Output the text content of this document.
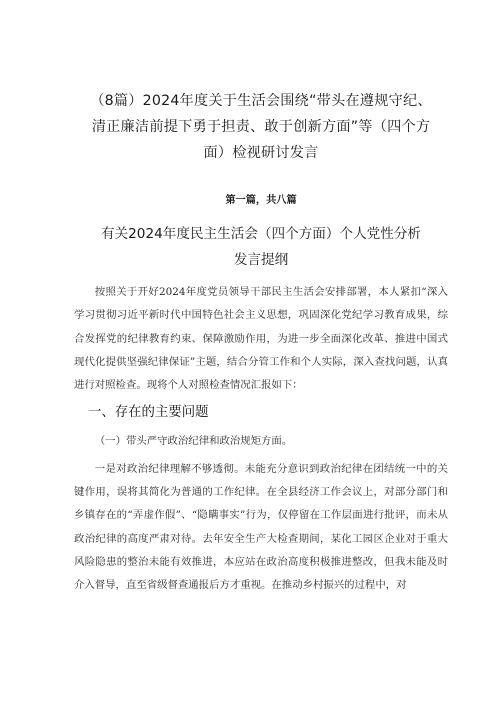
（8篇）2024年度关于生活会围绕“带头在遵规守纪、
清正廉洁前提下勇于担责、敢于创新方面”等（四个方
面）检视研讨发言
第一篇，共八篇
有关2024年度民主生活会（四个方面）个人党性分析
发言提纲

按照关于开好2024年度党员领导干部民主生活会安排部署，本人紧扣“深入学习贯彻习近平新时代中国特色社会主义思想，巩固深化党纪学习教育成果，综合发挥党的纪律教育约束、保障激励作用，为进一步全面深化改革、推进中国式现代化提供坚强纪律保证”主题，结合分管工作和个人实际，深入查找问题，认真进行对照检查。现将个人对照检查情况汇报如下：

一、存在的主要问题

（一）带头严守政治纪律和政治规矩方面。

一是对政治纪律理解不够透彻。未能充分意识到政治纪律在团结统一中的关键作用，误将其简化为普通的工作纪律。在全县经济工作会议上，对部分部门和乡镇存在的“弄虚作假”、“隐瞒事实”行为，仅停留在工作层面进行批评，而未从政治纪律的高度严肃对待。去年安全生产大检查期间，某化工园区企业对于重大风险隐患的整治未能有效推进，本应站在政治高度积极推进整改，但我未能及时介入督导，直至省级督查通报后方才重视。在推动乡村振兴的过程中，对
